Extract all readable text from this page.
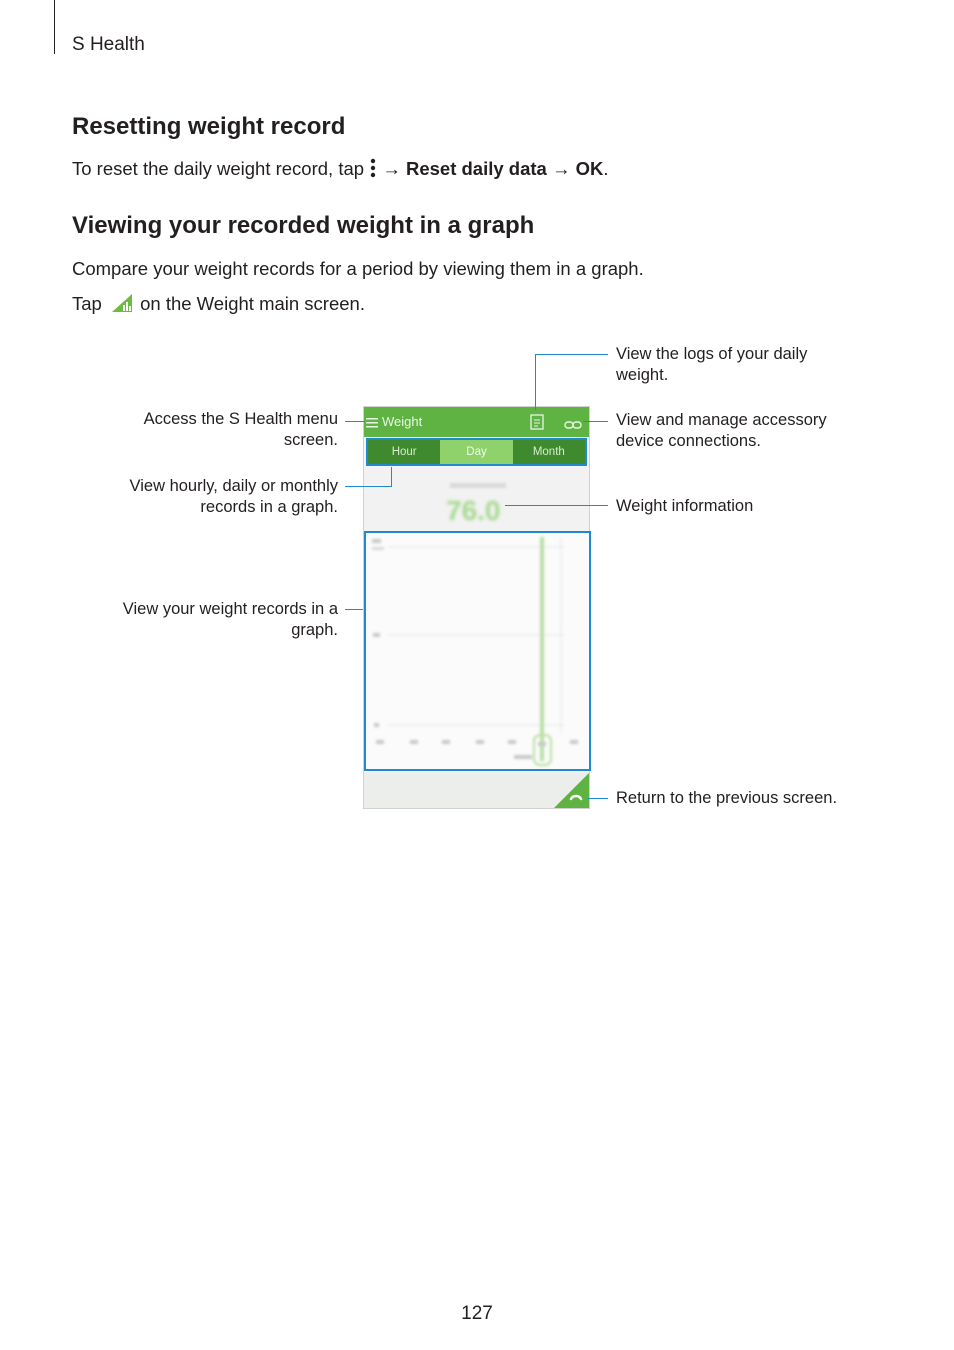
S Health
Resetting weight record
To reset the daily weight record, tap  → Reset daily data → OK.
Viewing your recorded weight in a graph
Compare your weight records for a period by viewing them in a graph.
Tap  on the Weight main screen.
Weight
Hour	Day	Month
76.0
View the logs of your daily weight.
View and manage accessory device connections.
Weight information
Return to the previous screen.
Access the S Health menu screen.
View hourly, daily or monthly records in a graph.
View your weight records in a graph.
127
